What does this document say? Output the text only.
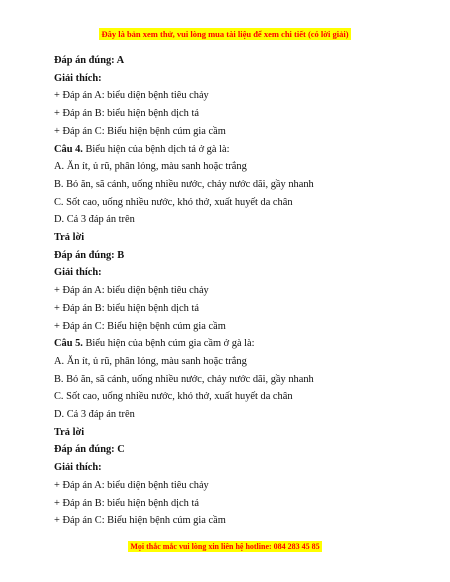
Đây là bản xem thử, vui lòng mua tài liệu để xem chi tiết (có lời giải)
Đáp án đúng: A
Giải thích:
+ Đáp án A: biểu diện bệnh tiêu chảy
+ Đáp án B: biểu hiện bệnh dịch tả
+ Đáp án C: Biểu hiện bệnh cúm gia cầm
Câu 4. Biểu hiện của bệnh dịch tả ở gà là:
A. Ăn ít, ủ rũ, phân lỏng, màu sanh hoặc trắng
B. Bỏ ăn, sã cánh, uống nhiều nước, chảy nước dãi, gầy nhanh
C. Sốt cao, uống nhiều nước, khó thở, xuất huyết da chân
D. Cả 3 đáp án trên
Trả lời
Đáp án đúng: B
Giải thích:
+ Đáp án A: biểu diện bệnh tiêu chảy
+ Đáp án B: biểu hiện bệnh dịch tả
+ Đáp án C: Biểu hiện bệnh cúm gia cầm
Câu 5. Biểu hiện của bệnh cúm gia cầm ở gà là:
A. Ăn ít, ủ rũ, phân lỏng, màu sanh hoặc trắng
B. Bỏ ăn, sã cánh, uống nhiều nước, chảy nước dãi, gầy nhanh
C. Sốt cao, uống nhiều nước, khó thở, xuất huyết da chân
D. Cả 3 đáp án trên
Trả lời
Đáp án đúng: C
Giải thích:
+ Đáp án A: biểu diện bệnh tiêu chảy
+ Đáp án B: biểu hiện bệnh dịch tả
+ Đáp án C: Biểu hiện bệnh cúm gia cầm
Mọi thắc mắc vui lòng xin liên hệ hotline: 084 283 45 85
